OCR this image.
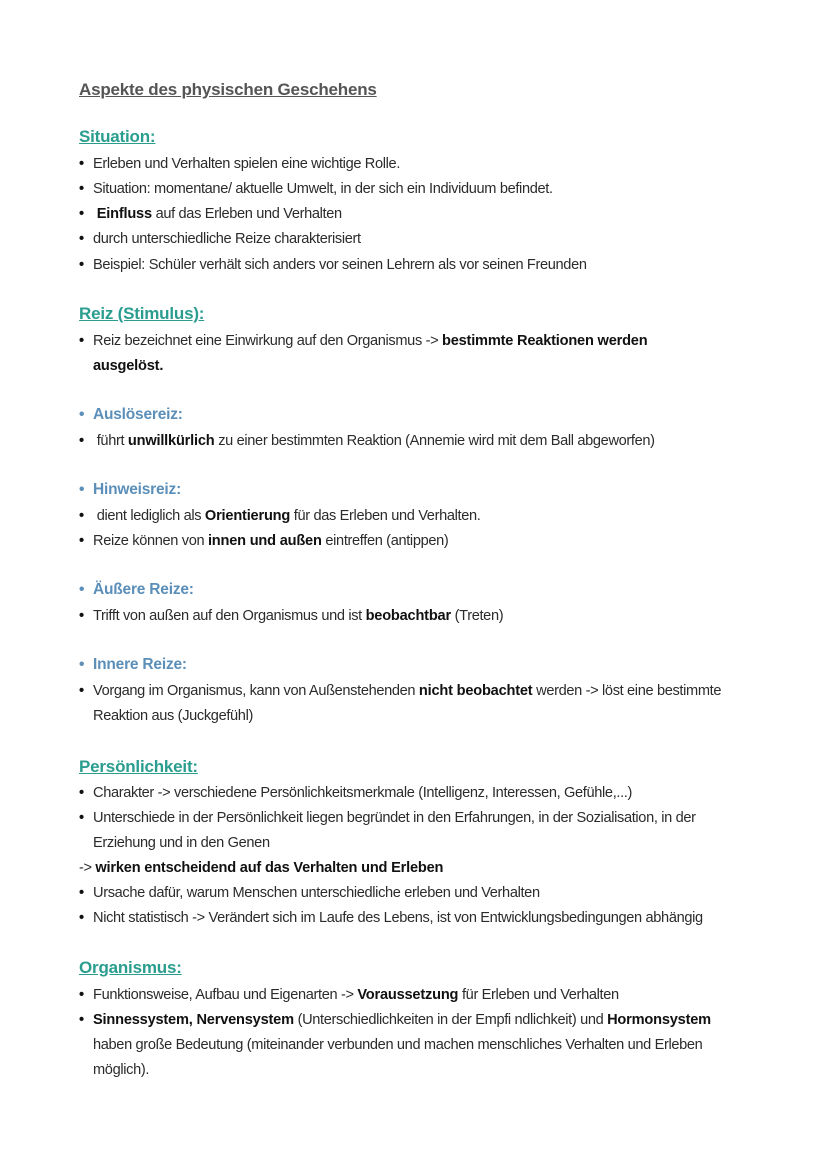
Aspekte des physischen Geschehens
Situation:

• Erleben und Verhalten spielen eine wichtige Rolle.

• Situation: momentane/ aktuelle Umwelt, in der sich ein Individuum befindet.

• Einfluss auf das Erleben und Verhalten

• durch unterschiedliche Reize charakterisiert

• Beispiel: Schüler verhält sich anders vor seinen Lehrern als vor seinen Freunden

Reiz (Stimulus):

• Reiz bezeichnet eine Einwirkung auf den Organismus -> bestimmte Reaktionen werden

ausgelöst.

• Auslösereiz:

• führt unwillkürlich zu einer bestimmten Reaktion (Annemie wird mit dem Ball abgeworfen)

• Hinweisreiz:

• dient lediglich als Orientierung für das Erleben und Verhalten.

• Reize können von innen und außen eintreffen (antippen)

• Äußere Reize:

• Trifft von außen auf den Organismus und ist beobachtbar (Treten)

• Innere Reize:

• Vorgang im Organismus, kann von Außenstehenden nicht beobachtet werden -> löst eine bestimmte

Reaktion aus (Juckgefühl)

Persönlichkeit:

• Charakter -> verschiedene Persönlichkeitsmerkmale (Intelligenz, Interessen, Gefühle,...)

• Unterschiede in der Persönlichkeit liegen begründet in den Erfahrungen, in der Sozialisation, in der

Erziehung und in den Genen

-> wirken entscheidend auf das Verhalten und Erleben

• Ursache dafür, warum Menschen unterschiedliche erleben und Verhalten

• Nicht statistisch -> Verändert sich im Laufe des Lebens, ist von Entwicklungsbedingungen abhängig

Organismus:

• Funktionsweise, Aufbau und Eigenarten -> Voraussetzung für Erleben und Verhalten

• Sinnessystem, Nervensystem (Unterschiedlichkeiten in der Empfi ndlichkeit) und Hormonsystem

haben große Bedeutung (miteinander verbunden und machen menschliches Verhalten und Erleben

möglich).
